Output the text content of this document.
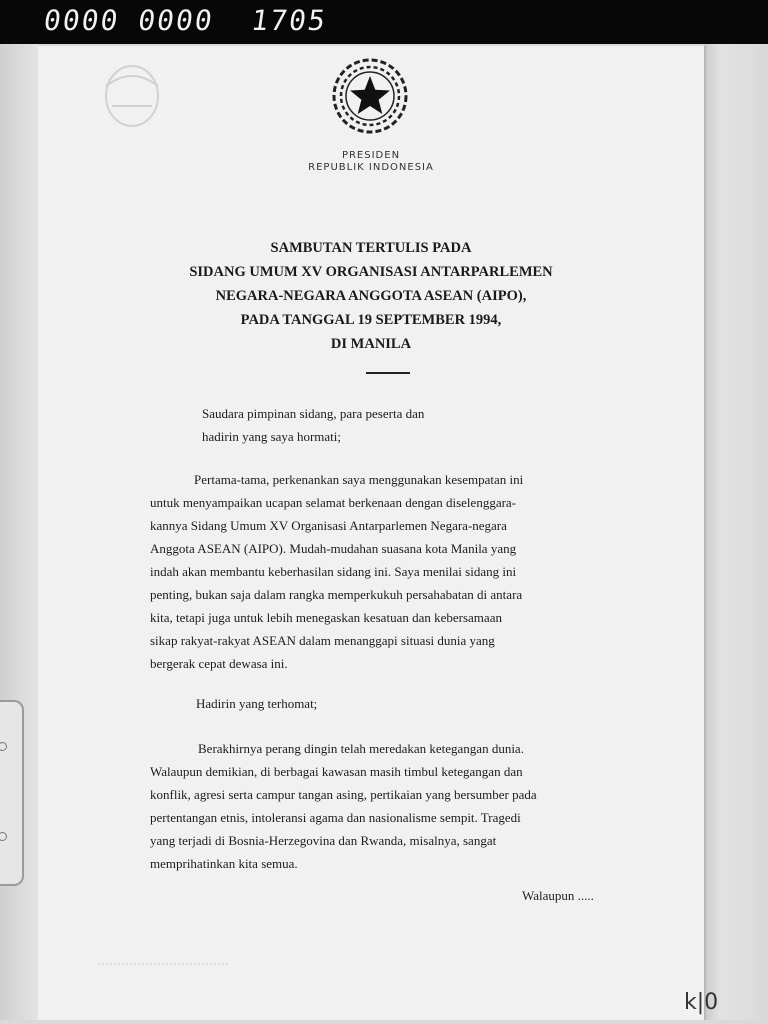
0000 0000  1705
PRESIDEN
REPUBLIK INDONESIA
SAMBUTAN TERTULIS PADA
SIDANG UMUM XV ORGANISASI ANTARPARLEMEN
NEGARA-NEGARA ANGGOTA ASEAN (AIPO),
PADA TANGGAL 19 SEPTEMBER 1994,
DI MANILA
Saudara pimpinan sidang, para peserta dan
hadirin yang saya hormati;
Pertama-tama, perkenankan saya menggunakan kesempatan ini
untuk menyampaikan ucapan selamat berkenaan dengan diselenggara-
kannya Sidang Umum XV Organisasi Antarparlemen Negara-negara
Anggota ASEAN (AIPO). Mudah-mudahan suasana kota Manila yang
indah akan membantu keberhasilan sidang ini. Saya menilai sidang ini
penting, bukan saja dalam rangka memperkukuh persahabatan di antara
kita, tetapi juga untuk lebih menegaskan kesatuan dan kebersamaan
sikap rakyat-rakyat ASEAN dalam menanggapi situasi dunia yang
bergerak cepat dewasa ini.
Hadirin yang terhomat;
Berakhirnya perang dingin telah meredakan ketegangan dunia.
Walaupun demikian, di berbagai kawasan masih timbul ketegangan dan
konflik, agresi serta campur tangan asing, pertikaian yang bersumber pada
pertentangan etnis, intoleransi agama dan nasionalisme sempit. Tragedi
yang terjadi di Bosnia-Herzegovina dan Rwanda, misalnya, sangat
memprihatinkan kita semua.
Walaupun .....
k|0
